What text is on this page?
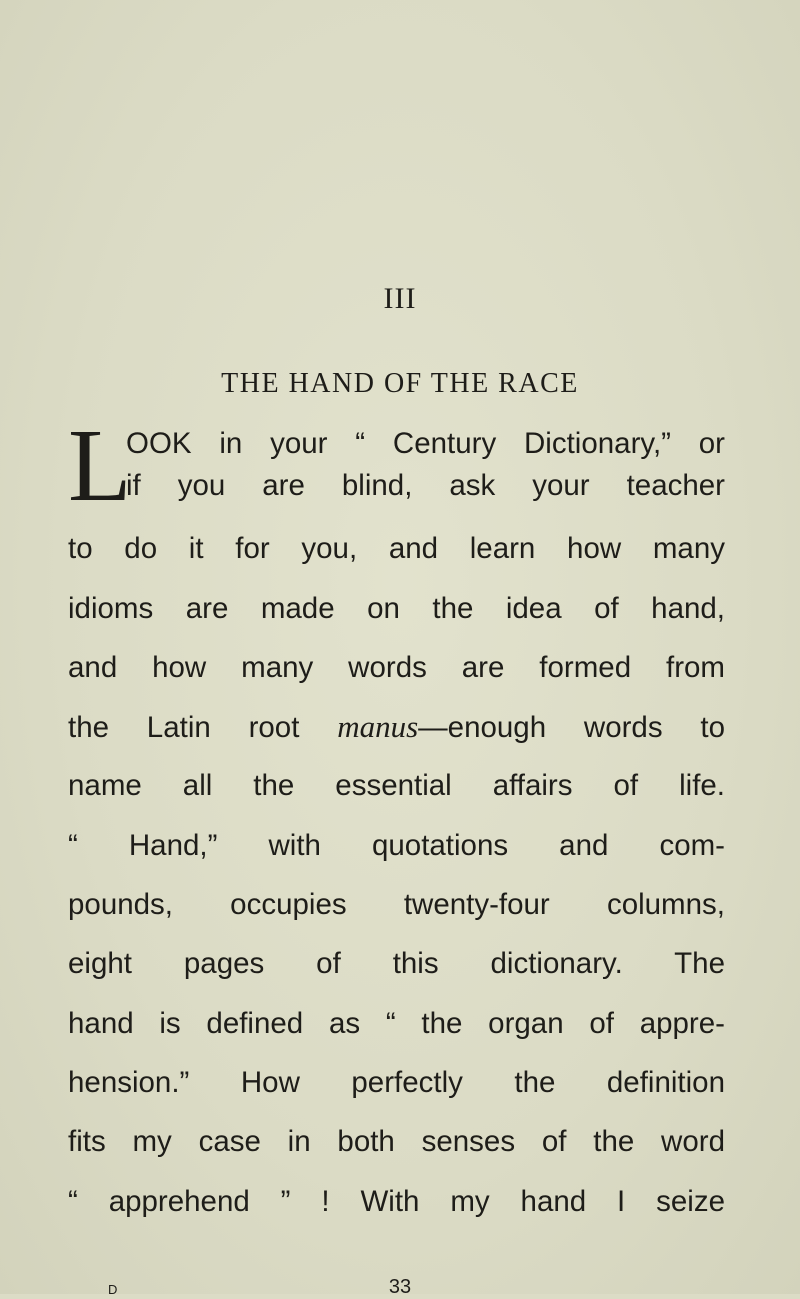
III
THE HAND OF THE RACE
L
OOK in your “ Century Dictionary,” or
if you are blind, ask your teacher
to do it for you, and learn how many
idioms are made on the idea of hand,
and how many words are formed from
the Latin root manus—enough words to
name all the essential affairs of life.
“ Hand,” with quotations and com-
pounds, occupies twenty-four columns,
eight pages of this dictionary. The
hand is defined as “ the organ of appre-
hension.” How perfectly the definition
fits my case in both senses of the word
“ apprehend ” ! With my hand I seize
D	33
